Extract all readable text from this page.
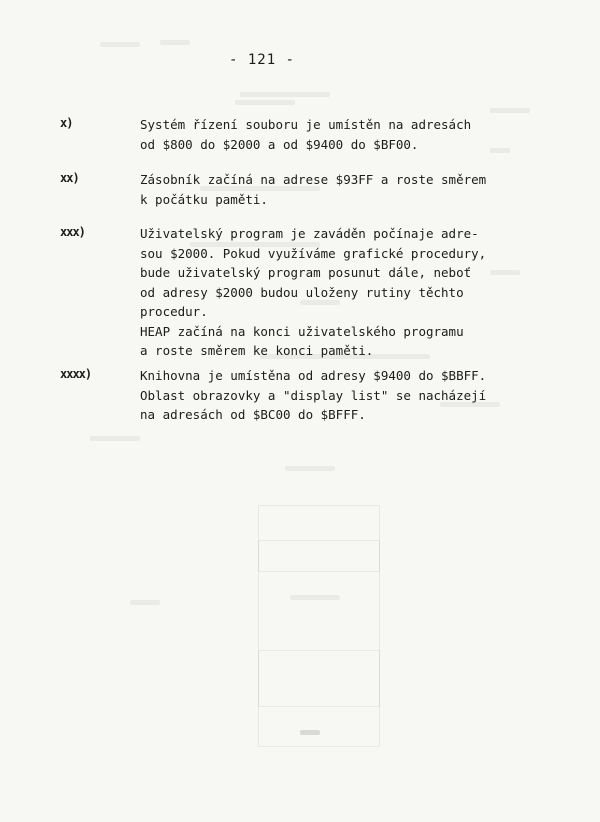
- 121 -
x)	Systém řízení souboru je umístěn na adresách
od $800 do $2000 a od $9400 do $BF00.
xx)	Zásobník začíná na adrese $93FF a roste směrem
k počátku paměti.
xxx)	Uživatelský program je zaváděn počínaje adre-
sou $2000. Pokud využíváme grafické procedury,
bude uživatelský program posunut dále, neboť
od adresy $2000 budou uloženy rutiny těchto
procedur.
HEAP začíná na konci uživatelského programu
a roste směrem ke konci paměti.
xxxx)	Knihovna je umístěna od adresy $9400 do $BBFF.
Oblast obrazovky a "display list" se nacházejí
na adresách od $BC00 do $BFFF.
